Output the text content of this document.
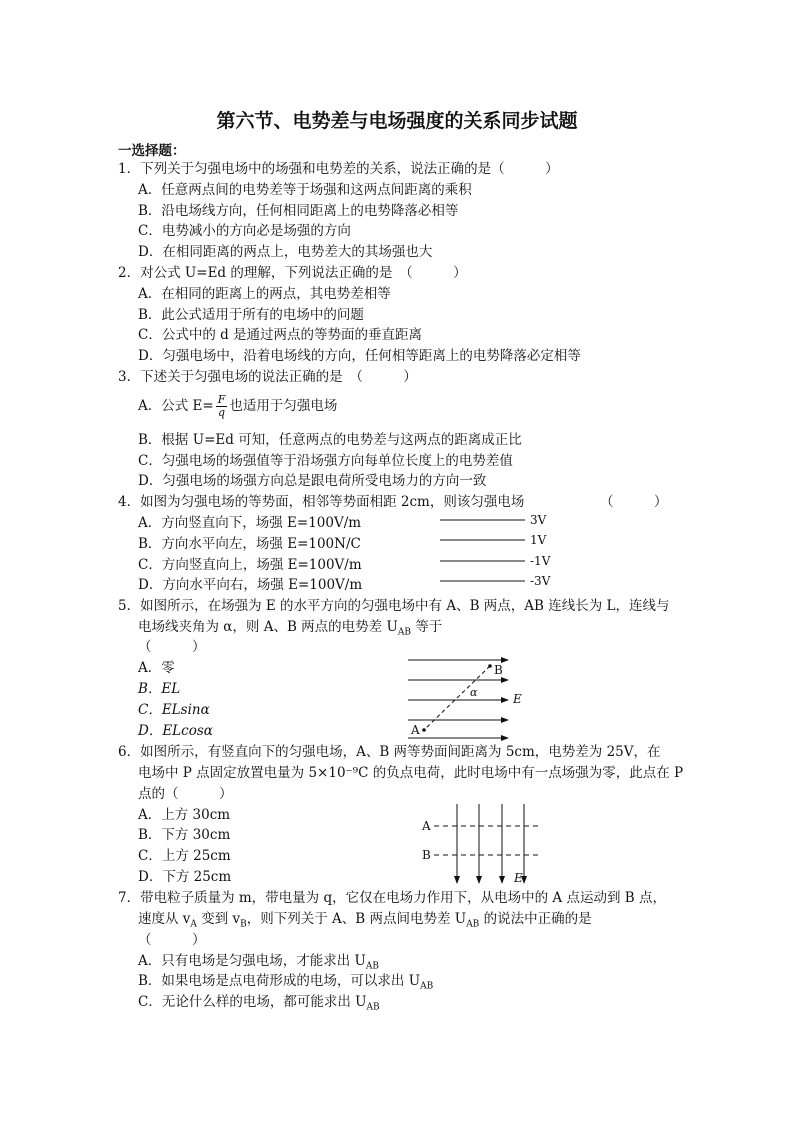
第六节、电势差与电场强度的关系同步试题
一选择题：
1．下列关于匀强电场中的场强和电势差的关系，说法正确的是（　　　）
A．任意两点间的电势差等于场强和这两点间距离的乘积
B．沿电场线方向，任何相同距离上的电势降落必相等
C．电势减小的方向必是场强的方向
D．在相同距离的两点上，电势差大的其场强也大
2．对公式 U=Ed 的理解，下列说法正确的是　（　　　）
A．在相同的距离上的两点，其电势差相等
B．此公式适用于所有的电场中的问题
C．公式中的 d 是通过两点的等势面的垂直距离
D．匀强电场中，沿着电场线的方向，任何相等距离上的电势降落必定相等
3．下述关于匀强电场的说法正确的是　（　　　）
A．公式 $E= \frac{F}{q}$ 也适用于匀强电场
B．根据 U=Ed 可知，任意两点的电势差与这两点的距离成正比
C．匀强电场的场强值等于沿场强方向每单位长度上的电势差值
D．匀强电场的场强方向总是跟电荷所受电场力的方向一致
4．如图为匀强电场的等势面，相邻等势面相距 2cm，则该匀强电场	（　　　）
A．方向竖直向下，场强 E=100V/m
B．方向水平向左，场强 E=100N/C
C．方向竖直向上，场强 E=100V/m
D．方向水平向右，场强 E=100V/m
3V
1V
-1V
-3V
5．如图所示，在场强为 E 的水平方向的匀强电场中有 A、B 两点，AB 连线长为 L，连线与
电场线夹角为 α，则 A、B 两点的电势差 $U_{AB}$ 等于
（　　　）
A．零
B．EL
C．ELsinα
D．ELcosα
B
A
E
α
6．如图所示，有竖直向下的匀强电场，A、B 两等势面间距离为 5cm，电势差为 25V，在
电场中 P 点固定放置电量为 5×10⁻⁹C 的负点电荷，此时电场中有一点场强为零，此点在 P
点的（　　　）
A．上方 30cm
B．下方 30cm
C．上方 25cm
D．下方 25cm
A
B
E
7．带电粒子质量为 m，带电量为 q，它仅在电场力作用下，从电场中的 A 点运动到 B 点，
速度从 $v_A$ 变到 $v_B$，则下列关于 A、B 两点间电势差 $U_{AB}$ 的说法中正确的是
（　　　）
A．只有电场是匀强电场，才能求出 $U_{AB}$
B．如果电场是点电荷形成的电场，可以求出 $U_{AB}$
C．无论什么样的电场，都可能求出 $U_{AB}$
